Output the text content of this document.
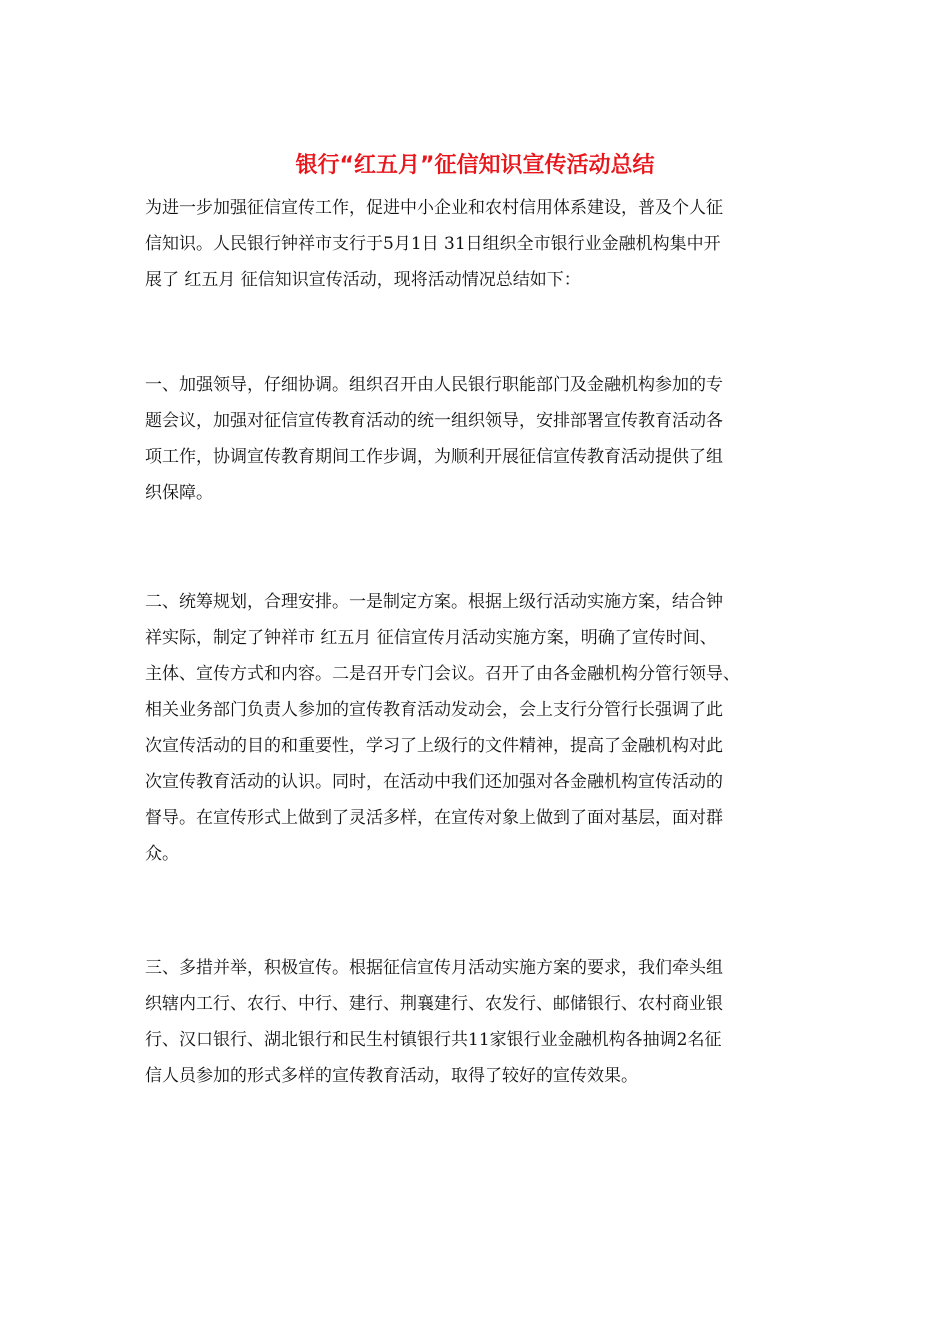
银行“红五月”征信知识宣传活动总结

为进一步加强征信宣传工作，促进中小企业和农村信用体系建设，普及个人征
信知识。人民银行钟祥市支行于5月1日 31日组织全市银行业金融机构集中开
展了 红五月 征信知识宣传活动，现将活动情况总结如下：

一、加强领导，仔细协调。组织召开由人民银行职能部门及金融机构参加的专
题会议，加强对征信宣传教育活动的统一组织领导，安排部署宣传教育活动各
项工作，协调宣传教育期间工作步调，为顺利开展征信宣传教育活动提供了组
织保障。

二、统筹规划，合理安排。一是制定方案。根据上级行活动实施方案，结合钟
祥实际，制定了钟祥市 红五月 征信宣传月活动实施方案，明确了宣传时间、
主体、宣传方式和内容。二是召开专门会议。召开了由各金融机构分管行领导、
相关业务部门负责人参加的宣传教育活动发动会，会上支行分管行长强调了此
次宣传活动的目的和重要性，学习了上级行的文件精神，提高了金融机构对此
次宣传教育活动的认识。同时，在活动中我们还加强对各金融机构宣传活动的
督导。在宣传形式上做到了灵活多样，在宣传对象上做到了面对基层，面对群
众。

三、多措并举，积极宣传。根据征信宣传月活动实施方案的要求，我们牵头组
织辖内工行、农行、中行、建行、荆襄建行、农发行、邮储银行、农村商业银
行、汉口银行、湖北银行和民生村镇银行共11家银行业金融机构各抽调2名征
信人员参加的形式多样的宣传教育活动，取得了较好的宣传效果。
